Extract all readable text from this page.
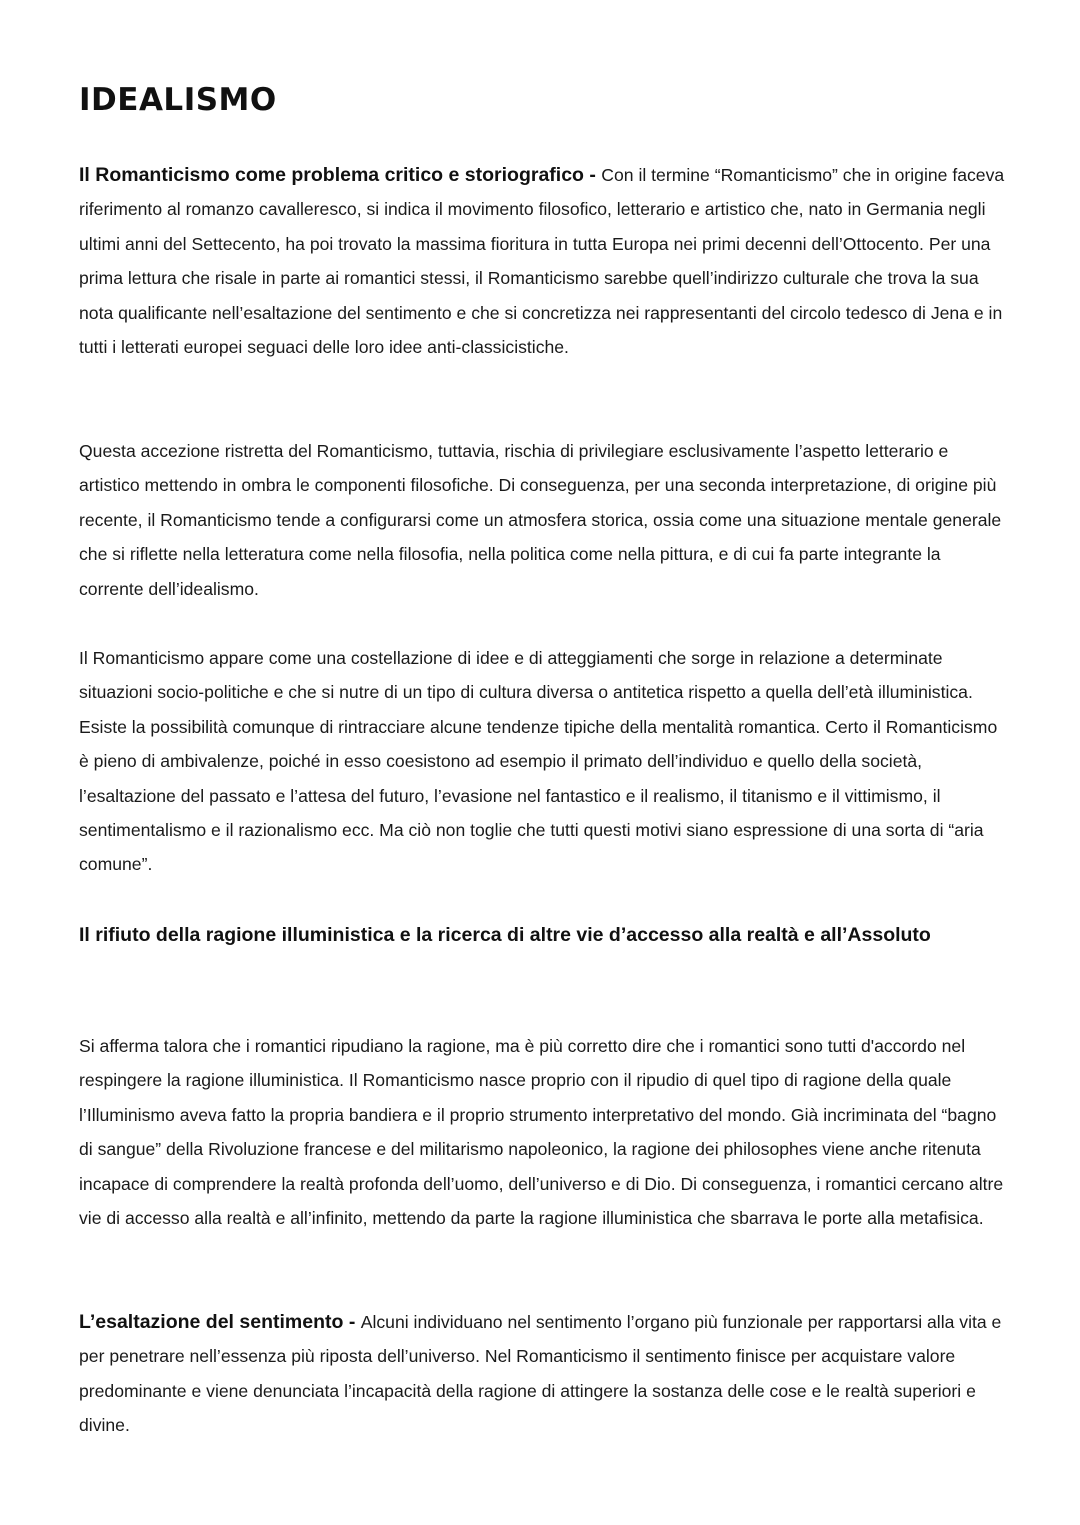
IDEALISMO

Il Romanticismo come problema critico e storiografico - Con il termine “Romanticismo” che in origine faceva riferimento al romanzo cavalleresco, si indica il movimento filosofico, letterario e artistico che, nato in Germania negli ultimi anni del Settecento, ha poi trovato la massima fioritura in tutta Europa nei primi decenni dell’Ottocento. Per una prima lettura che risale in parte ai romantici stessi, il Romanticismo sarebbe quell’indirizzo culturale che trova la sua nota qualificante nell’esaltazione del sentimento e che si concretizza nei rappresentanti del circolo tedesco di Jena e in tutti i letterati europei seguaci delle loro idee anti-classicistiche.

Questa accezione ristretta del Romanticismo, tuttavia, rischia di privilegiare esclusivamente l’aspetto letterario e artistico mettendo in ombra le componenti filosofiche. Di conseguenza, per una seconda interpretazione, di origine più recente, il Romanticismo tende a configurarsi come un atmosfera storica, ossia come una situazione mentale generale che si riflette nella letteratura come nella filosofia, nella politica come nella pittura, e di cui fa parte integrante la corrente dell’idealismo.

Il Romanticismo appare come una costellazione di idee e di atteggiamenti che sorge in relazione a determinate situazioni socio-politiche e che si nutre di un tipo di cultura diversa o antitetica rispetto a quella dell’età illuministica. Esiste la possibilità comunque di rintracciare alcune tendenze tipiche della mentalità romantica. Certo il Romanticismo è pieno di ambivalenze, poiché in esso coesistono ad esempio il primato dell’individuo e quello della società, l’esaltazione del passato e l’attesa del futuro, l’evasione nel fantastico e il realismo, il titanismo e il vittimismo, il sentimentalismo e il razionalismo ecc. Ma ciò non toglie che tutti questi motivi siano espressione di una sorta di “aria comune”.

Il rifiuto della ragione illuministica e la ricerca di altre vie d’accesso alla realtà e all’Assoluto

Si afferma talora che i romantici ripudiano la ragione, ma è più corretto dire che i romantici sono tutti d'accordo nel respingere la ragione illuministica. Il Romanticismo nasce proprio con il ripudio di quel tipo di ragione della quale l’Illuminismo aveva fatto la propria bandiera e il proprio strumento interpretativo del mondo. Già incriminata del “bagno di sangue” della Rivoluzione francese e del militarismo napoleonico, la ragione dei philosophes viene anche ritenuta incapace di comprendere la realtà profonda dell’uomo, dell’universo e di Dio. Di conseguenza, i romantici cercano altre vie di accesso alla realtà e all’infinito, mettendo da parte la ragione illuministica che sbarrava le porte alla metafisica.

L’esaltazione del sentimento - Alcuni individuano nel sentimento l’organo più funzionale per rapportarsi alla vita e per penetrare nell’essenza più riposta dell’universo. Nel Romanticismo il sentimento finisce per acquistare valore predominante e viene denunciata l’incapacità della ragione di attingere la sostanza delle cose e le realtà superiori e divine.
